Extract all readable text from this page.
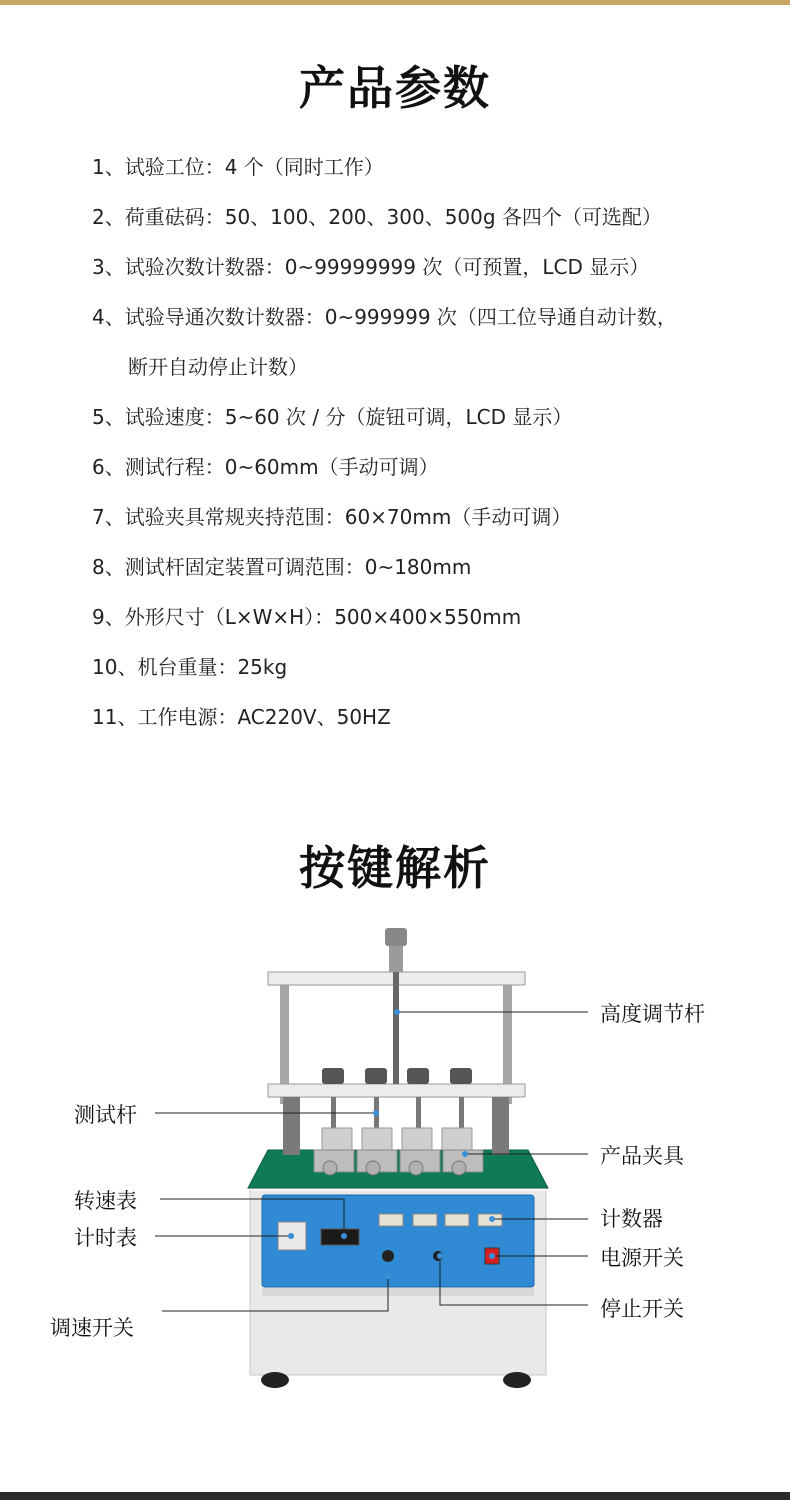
产品参数
1、试验工位：4 个（同时工作）
2、荷重砝码：50、100、200、300、500g 各四个（可选配）
3、试验次数计数器：0~99999999 次（可预置，LCD 显示）
4、试验导通次数计数器：0~999999 次（四工位导通自动计数，
断开自动停止计数）
5、试验速度：5~60 次 / 分（旋钮可调，LCD 显示）
6、测试行程：0~60mm（手动可调）
7、试验夹具常规夹持范围：60×70mm（手动可调）
8、测试杆固定装置可调范围：0~180mm
9、外形尺寸（L×W×H）：500×400×550mm
10、机台重量：25kg
11、工作电源：AC220V、50HZ
按键解析
高度调节杆
测试杆
产品夹具
转速表
计数器
计时表
电源开关
调速开关
停止开关
